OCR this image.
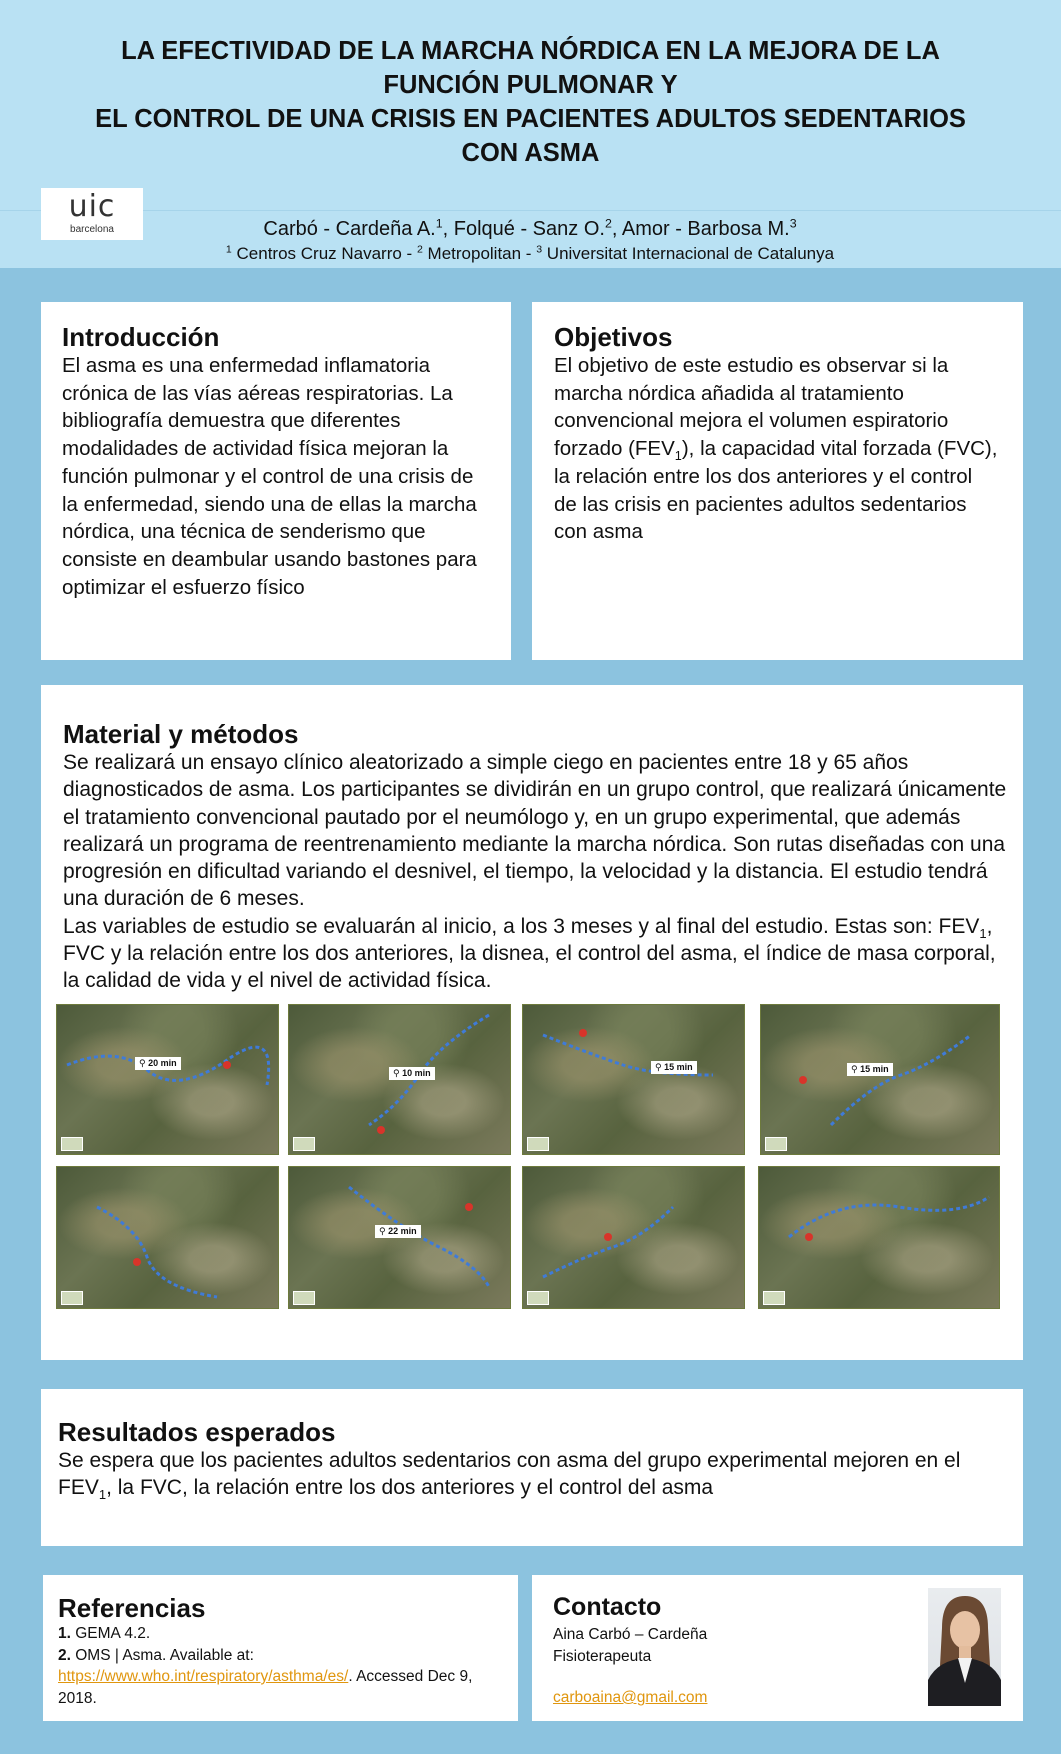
LA EFECTIVIDAD DE LA MARCHA NÓRDICA EN LA MEJORA DE LA
FUNCIÓN PULMONAR Y
EL CONTROL DE UNA CRISIS EN PACIENTES ADULTOS SEDENTARIOS
CON ASMA
uic
barcelona	Carbó - Cardeña A.$^1$, Folqué - Sanz O.$^2$, Amor - Barbosa M.$^3$
$^1$ Centros Cruz Navarro - $^2$ Metropolitan - $^3$ Universitat Internacional de Catalunya
Introducción

El asma es una enfermedad inflamatoria crónica de las vías aéreas respiratorias. La bibliografía demuestra que diferentes modalidades de actividad física mejoran la función pulmonar y el control de una crisis de la enfermedad, siendo una de ellas la marcha nórdica, una técnica de senderismo que consiste en deambular usando bastones para optimizar el esfuerzo físico

Objetivos

El objetivo de este estudio es observar si la marcha nórdica añadida al tratamiento convencional mejora el volumen espiratorio forzado $(FEV_1)$, la capacidad vital forzada (FVC), la relación entre los dos anteriores y el control de las crisis en pacientes adultos sedentarios con asma

Material y métodos

Se realizará un ensayo clínico aleatorizado a simple ciego en pacientes entre 18 y 65 años diagnosticados de asma. Los participantes se dividirán en un grupo control, que realizará únicamente el tratamiento convencional pautado por el neumólogo y, en un grupo experimental, que además realizará un programa de reentrenamiento mediante la marcha nórdica. Son rutas diseñadas con una progresión en dificultad variando el desnivel, el tiempo, la velocidad y la distancia. El estudio tendrá una duración de 6 meses.

Las variables de estudio se evaluarán al inicio, a los 3 meses y al final del estudio. Estas son: $FEV_1$, FVC y la relación entre los dos anteriores, la disnea, el control del asma, el índice de masa corporal, la calidad de vida y el nivel de actividad física.

⚲ 20 min
⚲ 10 min
⚲ 15 min	⚲ 15 min
⚲ 22 min
Resultados esperados

Se espera que los pacientes adultos sedentarios con asma del grupo experimental mejoren en el $FEV_1$, la FVC, la relación entre los dos anteriores y el control del asma

Referencias

1. GEMA 4.2.

2. OMS | Asma. Available at: https://www.who.int/respiratory/asthma/es/. Accessed Dec 9, 2018.

Contacto

Aina Carbó – Cardeña

Fisioterapeuta

carboaina@gmail.com
